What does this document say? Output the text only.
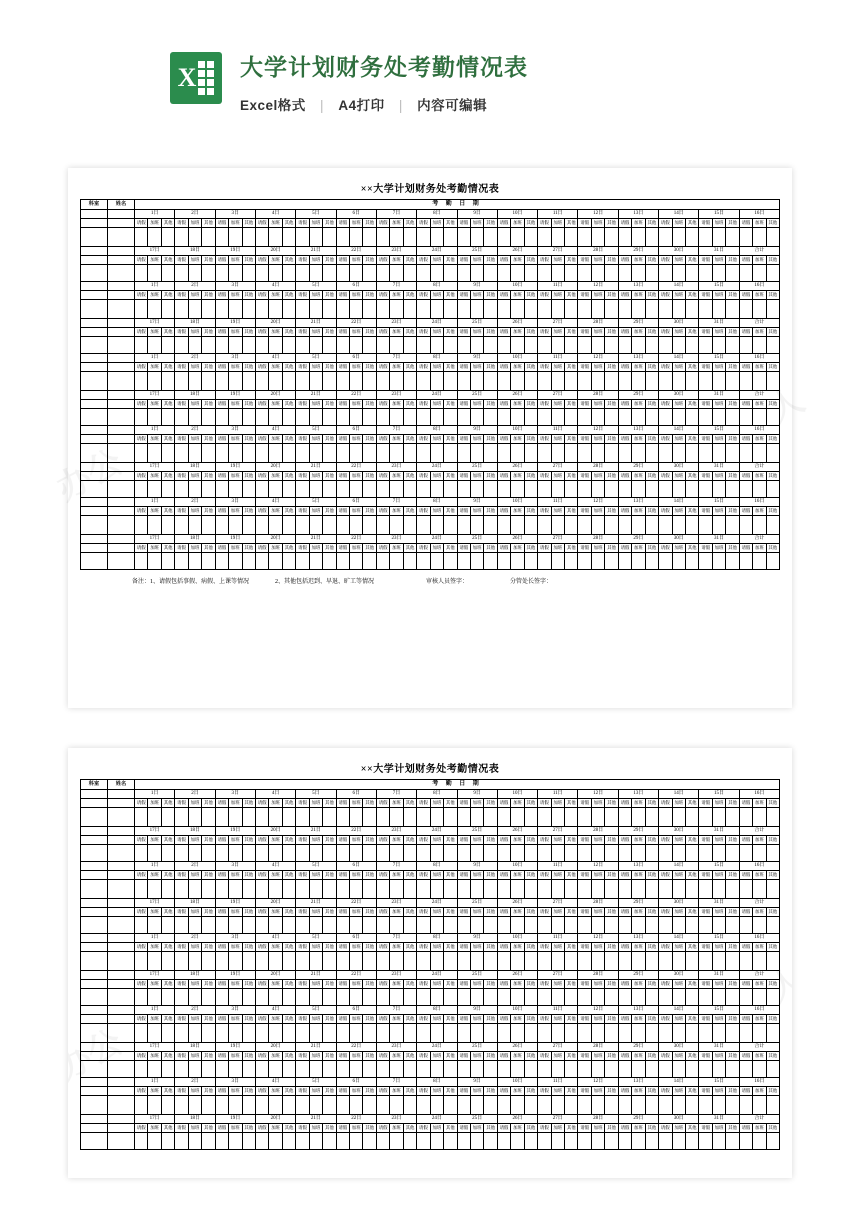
X 大学计划财务处考勤情况表
Excel格式 | A4打印 | 内容可编辑
××大学计划财务处考勤情况表
科室	姓名	考 勤 日 期																																															
		1日			2日			3日			4日			5日			6日			7日			8日			9日			10日			11日			12日			13日			14日			15日			16日		
		请假	加班	其他	请假	加班	其他	请假	加班	其他	请假	加班	其他	请假	加班	其他	请假	加班	其他	请假	加班	其他	请假	加班	其他	请假	加班	其他	请假	加班	其他	请假	加班	其他	请假	加班	其他	请假	加班	其他	请假	加班	其他	请假	加班	其他	请假	加班	其他

		17日			18日			19日			20日			21日			22日			23日			24日			25日			26日			27日			28日			29日			30日			31日			合计		
		请假	加班	其他	请假	加班	其他	请假	加班	其他	请假	加班	其他	请假	加班	其他	请假	加班	其他	请假	加班	其他	请假	加班	其他	请假	加班	其他	请假	加班	其他	请假	加班	其他	请假	加班	其他	请假	加班	其他	请假	加班	其他	请假	加班	其他	请假	加班	其他

		1日			2日			3日			4日			5日			6日			7日			8日			9日			10日			11日			12日			13日			14日			15日			16日		
		请假	加班	其他	请假	加班	其他	请假	加班	其他	请假	加班	其他	请假	加班	其他	请假	加班	其他	请假	加班	其他	请假	加班	其他	请假	加班	其他	请假	加班	其他	请假	加班	其他	请假	加班	其他	请假	加班	其他	请假	加班	其他	请假	加班	其他	请假	加班	其他

		17日			18日			19日			20日			21日			22日			23日			24日			25日			26日			27日			28日			29日			30日			31日			合计		
		请假	加班	其他	请假	加班	其他	请假	加班	其他	请假	加班	其他	请假	加班	其他	请假	加班	其他	请假	加班	其他	请假	加班	其他	请假	加班	其他	请假	加班	其他	请假	加班	其他	请假	加班	其他	请假	加班	其他	请假	加班	其他	请假	加班	其他	请假	加班	其他

		1日			2日			3日			4日			5日			6日			7日			8日			9日			10日			11日			12日			13日			14日			15日			16日		
		请假	加班	其他	请假	加班	其他	请假	加班	其他	请假	加班	其他	请假	加班	其他	请假	加班	其他	请假	加班	其他	请假	加班	其他	请假	加班	其他	请假	加班	其他	请假	加班	其他	请假	加班	其他	请假	加班	其他	请假	加班	其他	请假	加班	其他	请假	加班	其他

		17日			18日			19日			20日			21日			22日			23日			24日			25日			26日			27日			28日			29日			30日			31日			合计		
		请假	加班	其他	请假	加班	其他	请假	加班	其他	请假	加班	其他	请假	加班	其他	请假	加班	其他	请假	加班	其他	请假	加班	其他	请假	加班	其他	请假	加班	其他	请假	加班	其他	请假	加班	其他	请假	加班	其他	请假	加班	其他	请假	加班	其他	请假	加班	其他

		1日			2日			3日			4日			5日			6日			7日			8日			9日			10日			11日			12日			13日			14日			15日			16日		
		请假	加班	其他	请假	加班	其他	请假	加班	其他	请假	加班	其他	请假	加班	其他	请假	加班	其他	请假	加班	其他	请假	加班	其他	请假	加班	其他	请假	加班	其他	请假	加班	其他	请假	加班	其他	请假	加班	其他	请假	加班	其他	请假	加班	其他	请假	加班	其他

		17日			18日			19日			20日			21日			22日			23日			24日			25日			26日			27日			28日			29日			30日			31日			合计		
		请假	加班	其他	请假	加班	其他	请假	加班	其他	请假	加班	其他	请假	加班	其他	请假	加班	其他	请假	加班	其他	请假	加班	其他	请假	加班	其他	请假	加班	其他	请假	加班	其他	请假	加班	其他	请假	加班	其他	请假	加班	其他	请假	加班	其他	请假	加班	其他

		1日			2日			3日			4日			5日			6日			7日			8日			9日			10日			11日			12日			13日			14日			15日			16日		
		请假	加班	其他	请假	加班	其他	请假	加班	其他	请假	加班	其他	请假	加班	其他	请假	加班	其他	请假	加班	其他	请假	加班	其他	请假	加班	其他	请假	加班	其他	请假	加班	其他	请假	加班	其他	请假	加班	其他	请假	加班	其他	请假	加班	其他	请假	加班	其他

		17日			18日			19日			20日			21日			22日			23日			24日			25日			26日			27日			28日			29日			30日			31日			合计		
		请假	加班	其他	请假	加班	其他	请假	加班	其他	请假	加班	其他	请假	加班	其他	请假	加班	其他	请假	加班	其他	请假	加班	其他	请假	加班	其他	请假	加班	其他	请假	加班	其他	请假	加班	其他	请假	加班	其他	请假	加班	其他	请假	加班	其他	请假	加班	其他

备注：1、请假包括事假、病假、上课等情况	2、其他包括迟到、早退、旷工等情况	审核人员签字：	分管处长签字：
××大学计划财务处考勤情况表
科室	姓名	考 勤 日 期																																															
		1日			2日			3日			4日			5日			6日			7日			8日			9日			10日			11日			12日			13日			14日			15日			16日		
		请假	加班	其他	请假	加班	其他	请假	加班	其他	请假	加班	其他	请假	加班	其他	请假	加班	其他	请假	加班	其他	请假	加班	其他	请假	加班	其他	请假	加班	其他	请假	加班	其他	请假	加班	其他	请假	加班	其他	请假	加班	其他	请假	加班	其他	请假	加班	其他

		17日			18日			19日			20日			21日			22日			23日			24日			25日			26日			27日			28日			29日			30日			31日			合计		
		请假	加班	其他	请假	加班	其他	请假	加班	其他	请假	加班	其他	请假	加班	其他	请假	加班	其他	请假	加班	其他	请假	加班	其他	请假	加班	其他	请假	加班	其他	请假	加班	其他	请假	加班	其他	请假	加班	其他	请假	加班	其他	请假	加班	其他	请假	加班	其他

		1日			2日			3日			4日			5日			6日			7日			8日			9日			10日			11日			12日			13日			14日			15日			16日		
		请假	加班	其他	请假	加班	其他	请假	加班	其他	请假	加班	其他	请假	加班	其他	请假	加班	其他	请假	加班	其他	请假	加班	其他	请假	加班	其他	请假	加班	其他	请假	加班	其他	请假	加班	其他	请假	加班	其他	请假	加班	其他	请假	加班	其他	请假	加班	其他

		17日			18日			19日			20日			21日			22日			23日			24日			25日			26日			27日			28日			29日			30日			31日			合计		
		请假	加班	其他	请假	加班	其他	请假	加班	其他	请假	加班	其他	请假	加班	其他	请假	加班	其他	请假	加班	其他	请假	加班	其他	请假	加班	其他	请假	加班	其他	请假	加班	其他	请假	加班	其他	请假	加班	其他	请假	加班	其他	请假	加班	其他	请假	加班	其他

		1日			2日			3日			4日			5日			6日			7日			8日			9日			10日			11日			12日			13日			14日			15日			16日		
		请假	加班	其他	请假	加班	其他	请假	加班	其他	请假	加班	其他	请假	加班	其他	请假	加班	其他	请假	加班	其他	请假	加班	其他	请假	加班	其他	请假	加班	其他	请假	加班	其他	请假	加班	其他	请假	加班	其他	请假	加班	其他	请假	加班	其他	请假	加班	其他

		17日			18日			19日			20日			21日			22日			23日			24日			25日			26日			27日			28日			29日			30日			31日			合计		
		请假	加班	其他	请假	加班	其他	请假	加班	其他	请假	加班	其他	请假	加班	其他	请假	加班	其他	请假	加班	其他	请假	加班	其他	请假	加班	其他	请假	加班	其他	请假	加班	其他	请假	加班	其他	请假	加班	其他	请假	加班	其他	请假	加班	其他	请假	加班	其他

		1日			2日			3日			4日			5日			6日			7日			8日			9日			10日			11日			12日			13日			14日			15日			16日		
		请假	加班	其他	请假	加班	其他	请假	加班	其他	请假	加班	其他	请假	加班	其他	请假	加班	其他	请假	加班	其他	请假	加班	其他	请假	加班	其他	请假	加班	其他	请假	加班	其他	请假	加班	其他	请假	加班	其他	请假	加班	其他	请假	加班	其他	请假	加班	其他

		17日			18日			19日			20日			21日			22日			23日			24日			25日			26日			27日			28日			29日			30日			31日			合计		
		请假	加班	其他	请假	加班	其他	请假	加班	其他	请假	加班	其他	请假	加班	其他	请假	加班	其他	请假	加班	其他	请假	加班	其他	请假	加班	其他	请假	加班	其他	请假	加班	其他	请假	加班	其他	请假	加班	其他	请假	加班	其他	请假	加班	其他	请假	加班	其他

		1日			2日			3日			4日			5日			6日			7日			8日			9日			10日			11日			12日			13日			14日			15日			16日		
		请假	加班	其他	请假	加班	其他	请假	加班	其他	请假	加班	其他	请假	加班	其他	请假	加班	其他	请假	加班	其他	请假	加班	其他	请假	加班	其他	请假	加班	其他	请假	加班	其他	请假	加班	其他	请假	加班	其他	请假	加班	其他	请假	加班	其他	请假	加班	其他

		17日			18日			19日			20日			21日			22日			23日			24日			25日			26日			27日			28日			29日			30日			31日			合计		
		请假	加班	其他	请假	加班	其他	请假	加班	其他	请假	加班	其他	请假	加班	其他	请假	加班	其他	请假	加班	其他	请假	加班	其他	请假	加班	其他	请假	加班	其他	请假	加班	其他	请假	加班	其他	请假	加班	其他	请假	加班	其他	请假	加班	其他	请假	加班	其他
